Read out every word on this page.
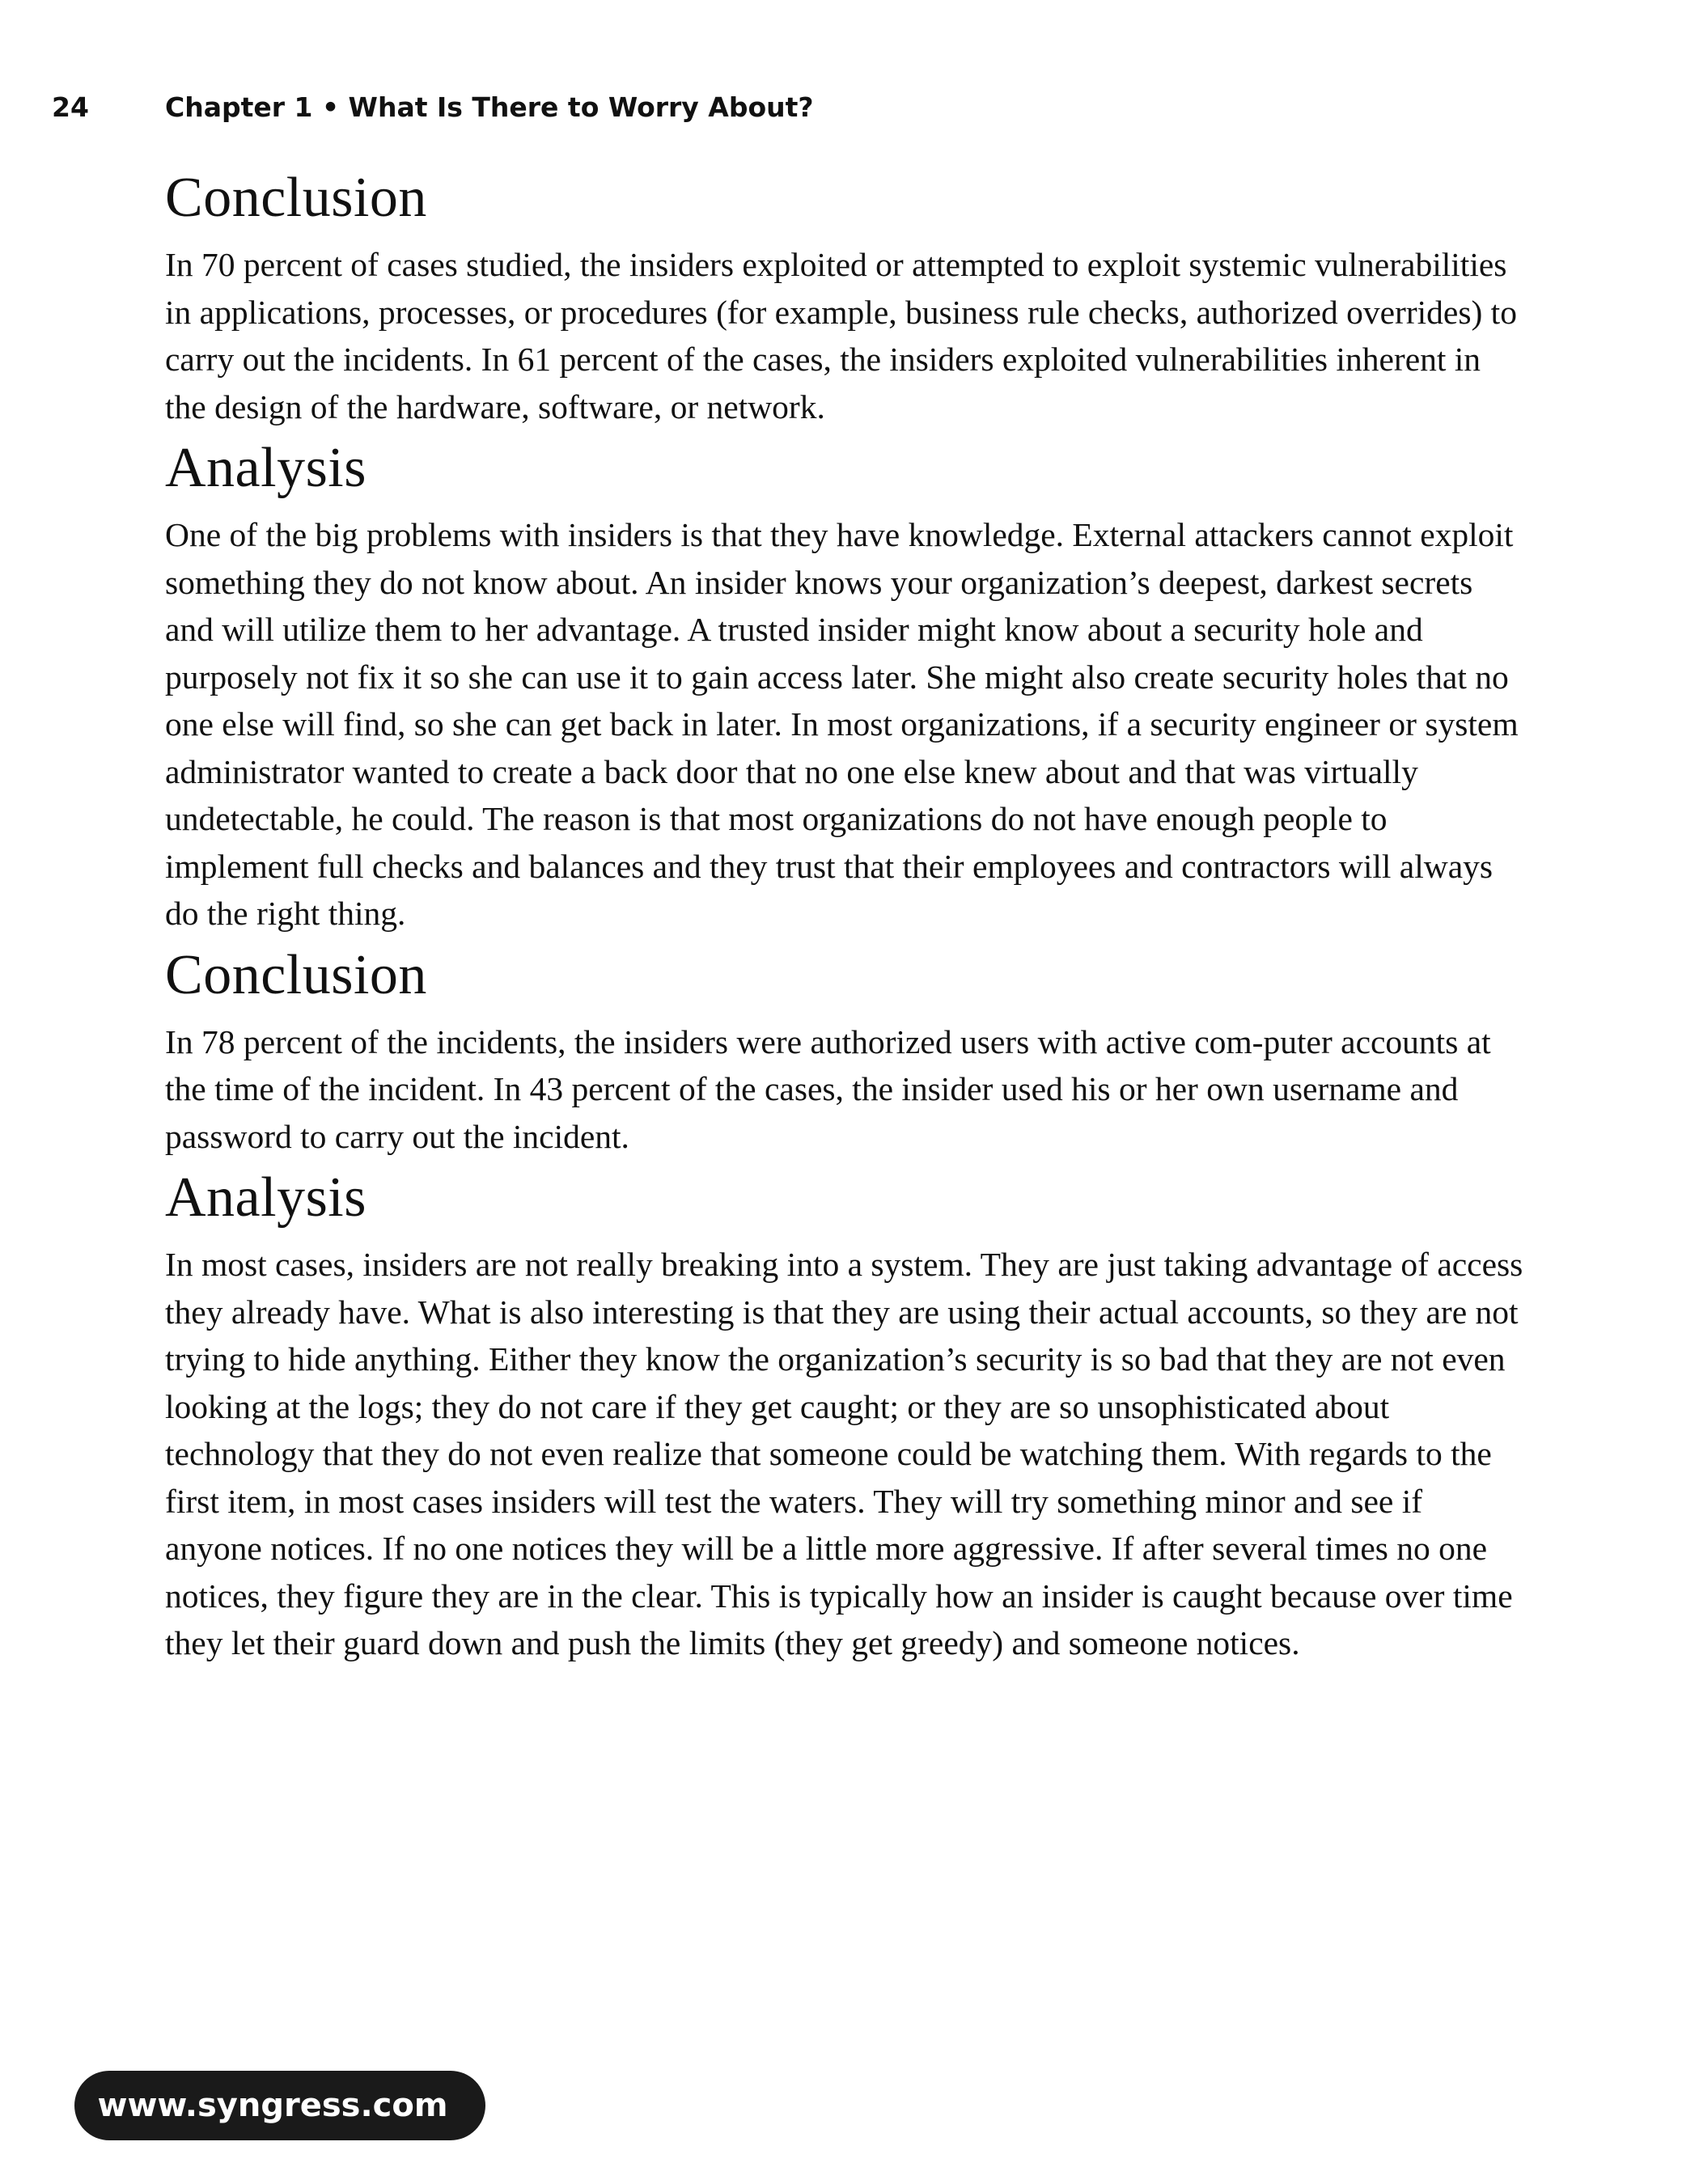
24	Chapter 1 • What Is There to Worry About?
Conclusion

In 70 percent of cases studied, the insiders exploited or attempted to exploit systemic vulnerabilities in applications, processes, or procedures (for example, business rule checks, authorized overrides) to carry out the incidents. In 61 percent of the cases, the insiders exploited vulnerabilities inherent in the design of the hardware, software, or network.

Analysis

One of the big problems with insiders is that they have knowledge. External attackers cannot exploit something they do not know about. An insider knows your organization’s deepest, darkest secrets and will utilize them to her advantage. A trusted insider might know about a security hole and purposely not fix it so she can use it to gain access later. She might also create security holes that no one else will find, so she can get back in later. In most organizations, if a security engineer or system administrator wanted to create a back door that no one else knew about and that was virtually undetectable, he could. The reason is that most organizations do not have enough people to implement full checks and balances and they trust that their employees and contractors will always do the right thing.

Conclusion

In 78 percent of the incidents, the insiders were authorized users with active com-puter accounts at the time of the incident. In 43 percent of the cases, the insider used his or her own username and password to carry out the incident.

Analysis

In most cases, insiders are not really breaking into a system. They are just taking advantage of access they already have. What is also interesting is that they are using their actual accounts, so they are not trying to hide anything. Either they know the organization’s security is so bad that they are not even looking at the logs; they do not care if they get caught; or they are so unsophisticated about technology that they do not even realize that someone could be watching them. With regards to the first item, in most cases insiders will test the waters. They will try something minor and see if anyone notices. If no one notices they will be a little more aggressive. If after several times no one notices, they figure they are in the clear. This is typically how an insider is caught because over time they let their guard down and push the limits (they get greedy) and someone notices.

www.syngress.com
